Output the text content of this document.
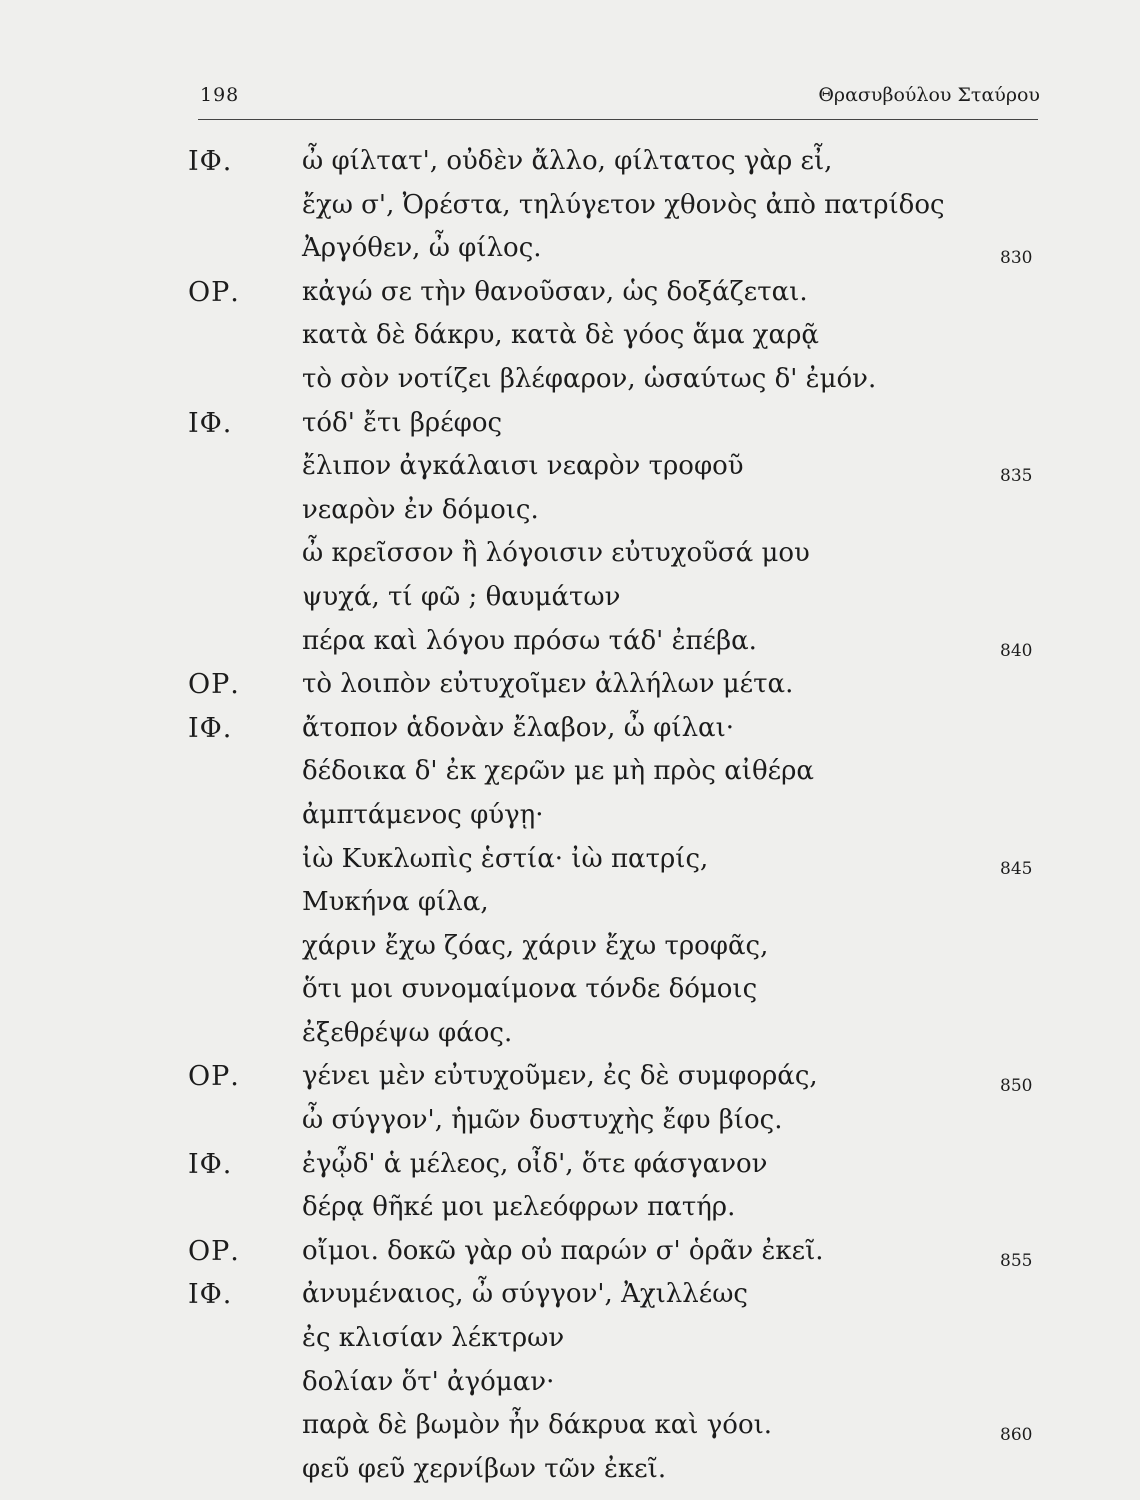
198	Θρασυβούλου Σταύρου
ΙΦ.	ὦ φίλτατ', οὐδὲν ἄλλο, φίλτατος γὰρ εἶ,
ἔχω σ', Ὀρέστα, τηλύγετον χθονὸς ἀπὸ πατρίδος
Ἀργόθεν, ὦ φίλος.	830
ΟΡ. κἀγώ σε τὴν θανοῦσαν, ὡς δοξάζεται.
κατὰ δὲ δάκρυ, κατὰ δὲ γόος ἅμα χαρᾷ
τὸ σὸν νοτίζει βλέφαρον, ὡσαύτως δ' ἐμόν.
ΙΦ.	τόδ' ἔτι βρέφος
ἔλιπον ἀγκάλαισι νεαρὸν τροφοῦ	835
νεαρὸν ἐν δόμοις.
ὦ κρεῖσσον ἢ λόγοισιν εὐτυχοῦσά μου
ψυχά, τί φῶ ; θαυμάτων
πέρα καὶ λόγου πρόσω τάδ' ἐπέβα.	840
ΟΡ. τὸ λοιπὸν εὐτυχοῖμεν ἀλλήλων μέτα.
ΙΦ.	ἄτοπον ἁδονὰν ἔλαβον, ὦ φίλαι·
δέδοικα δ' ἐκ χερῶν με μὴ πρὸς αἰθέρα
ἀμπτάμενος φύγῃ·
ἰὼ Κυκλωπὶς ἑστία· ἰὼ πατρίς,	845
Μυκήνα φίλα,
χάριν ἔχω ζόας, χάριν ἔχω τροφᾶς,
ὅτι μοι συνομαίμονα τόνδε δόμοις
ἐξεθρέψω φάος.
ΟΡ. γένει μὲν εὐτυχοῦμεν, ἐς δὲ συμφοράς,	850
ὦ σύγγον', ἡμῶν δυστυχὴς ἔφυ βίος.
ΙΦ.	ἐγᾦδ' ἁ μέλεος, οἶδ', ὅτε φάσγανον
δέρᾳ θῆκέ μοι μελεόφρων πατήρ.
ΟΡ. οἴμοι. δοκῶ γὰρ οὐ παρών σ' ὁρᾶν ἐκεῖ.	855
ΙΦ.	ἀνυμέναιος, ὦ σύγγον', Ἀχιλλέως
ἐς κλισίαν λέκτρων
δολίαν ὅτ' ἀγόμαν·
παρὰ δὲ βωμὸν ἦν δάκρυα καὶ γόοι.	860
φεῦ φεῦ χερνίβων τῶν ἐκεῖ.
